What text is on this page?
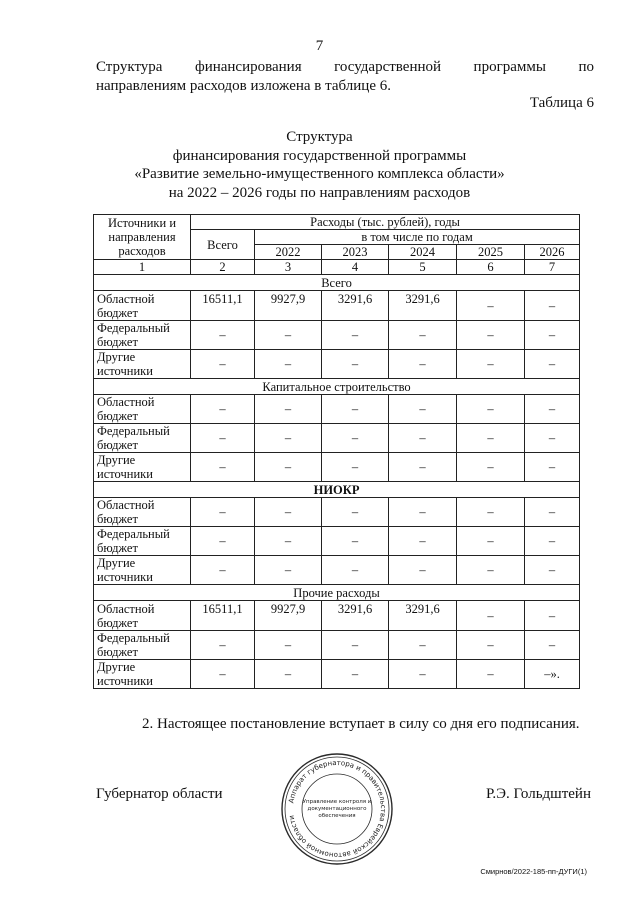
7
Структура финансирования государственной программы по
направлениям расходов изложена в таблице 6.
Таблица 6
Структура
финансирования государственной программы
«Развитие земельно-имущественного комплекса области»
на 2022 – 2026 годы по направлениям расходов
Источники и направления расходов	Расходы (тыс. рублей), годы					
	Всего	в том числе по годам				
		2022	2023	2024	2025	2026
1	2	3	4	5	6	7
Всего						
Областной бюджет	16511,1	9927,9	3291,6	3291,6	–	–
Федеральный бюджет	–	–	–	–	–	–
Другие источники	–	–	–	–	–	–
Капитальное строительство						
Областной бюджет	–	–	–	–	–	–
Федеральный бюджет	–	–	–	–	–	–
Другие источники	–	–	–	–	–	–
НИОКР						
Областной бюджет	–	–	–	–	–	–
Федеральный бюджет	–	–	–	–	–	–
Другие источники	–	–	–	–	–	–
Прочие расходы						
Областной бюджет	16511,1	9927,9	3291,6	3291,6	–	–
Федеральный бюджет	–	–	–	–	–	–
Другие источники	–	–	–	–	–	–».
2. Настоящее постановление вступает в силу со дня его подписания.
Губернатор области	Р.Э. Гольдштейн
Аппарат губернатора и правительства Еврейской автономной области
Управление контроля и
документационного
обеспечения
Смирнов/2022-185-пп-ДУГИ(1)
